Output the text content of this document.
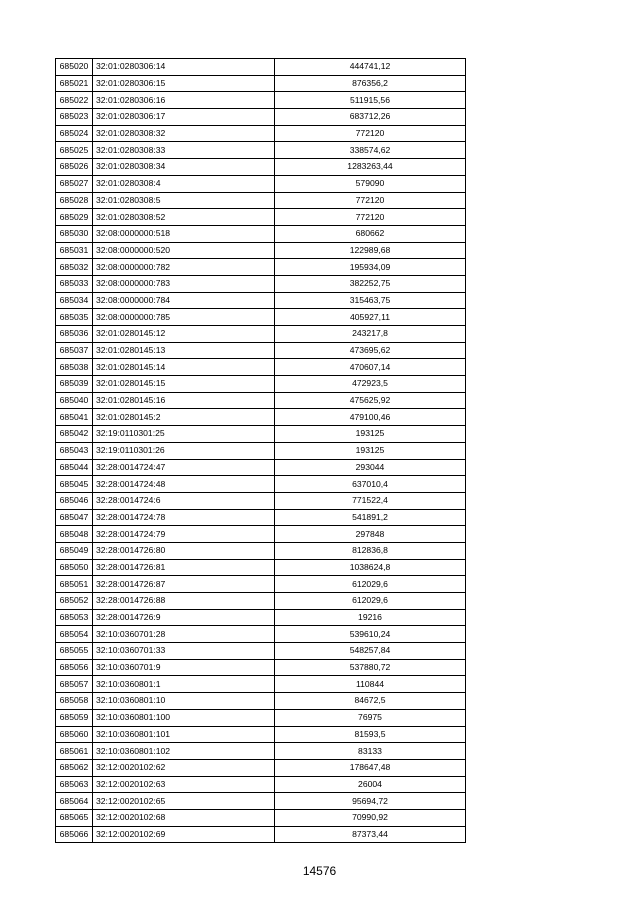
685020	32:01:0280306:14	444741,12
685021	32:01:0280306:15	876356,2
685022	32:01:0280306:16	511915,56
685023	32:01:0280306:17	683712,26
685024	32:01:0280308:32	772120
685025	32:01:0280308:33	338574,62
685026	32:01:0280308:34	1283263,44
685027	32:01:0280308:4	579090
685028	32:01:0280308:5	772120
685029	32:01:0280308:52	772120
685030	32:08:0000000:518	680662
685031	32:08:0000000:520	122989,68
685032	32:08:0000000:782	195934,09
685033	32:08:0000000:783	382252,75
685034	32:08:0000000:784	315463,75
685035	32:08:0000000:785	405927,11
685036	32:01:0280145:12	243217,8
685037	32:01:0280145:13	473695,62
685038	32:01:0280145:14	470607,14
685039	32:01:0280145:15	472923,5
685040	32:01:0280145:16	475625,92
685041	32:01:0280145:2	479100,46
685042	32:19:0110301:25	193125
685043	32:19:0110301:26	193125
685044	32:28:0014724:47	293044
685045	32:28:0014724:48	637010,4
685046	32:28:0014724:6	771522,4
685047	32:28:0014724:78	541891,2
685048	32:28:0014724:79	297848
685049	32:28:0014726:80	812836,8
685050	32:28:0014726:81	1038624,8
685051	32:28:0014726:87	612029,6
685052	32:28:0014726:88	612029,6
685053	32:28:0014726:9	19216
685054	32:10:0360701:28	539610,24
685055	32:10:0360701:33	548257,84
685056	32:10:0360701:9	537880,72
685057	32:10:0360801:1	110844
685058	32:10:0360801:10	84672,5
685059	32:10:0360801:100	76975
685060	32:10:0360801:101	81593,5
685061	32:10:0360801:102	83133
685062	32:12:0020102:62	178647,48
685063	32:12:0020102:63	26004
685064	32:12:0020102:65	95694,72
685065	32:12:0020102:68	70990,92
685066	32:12:0020102:69	87373,44
14576
